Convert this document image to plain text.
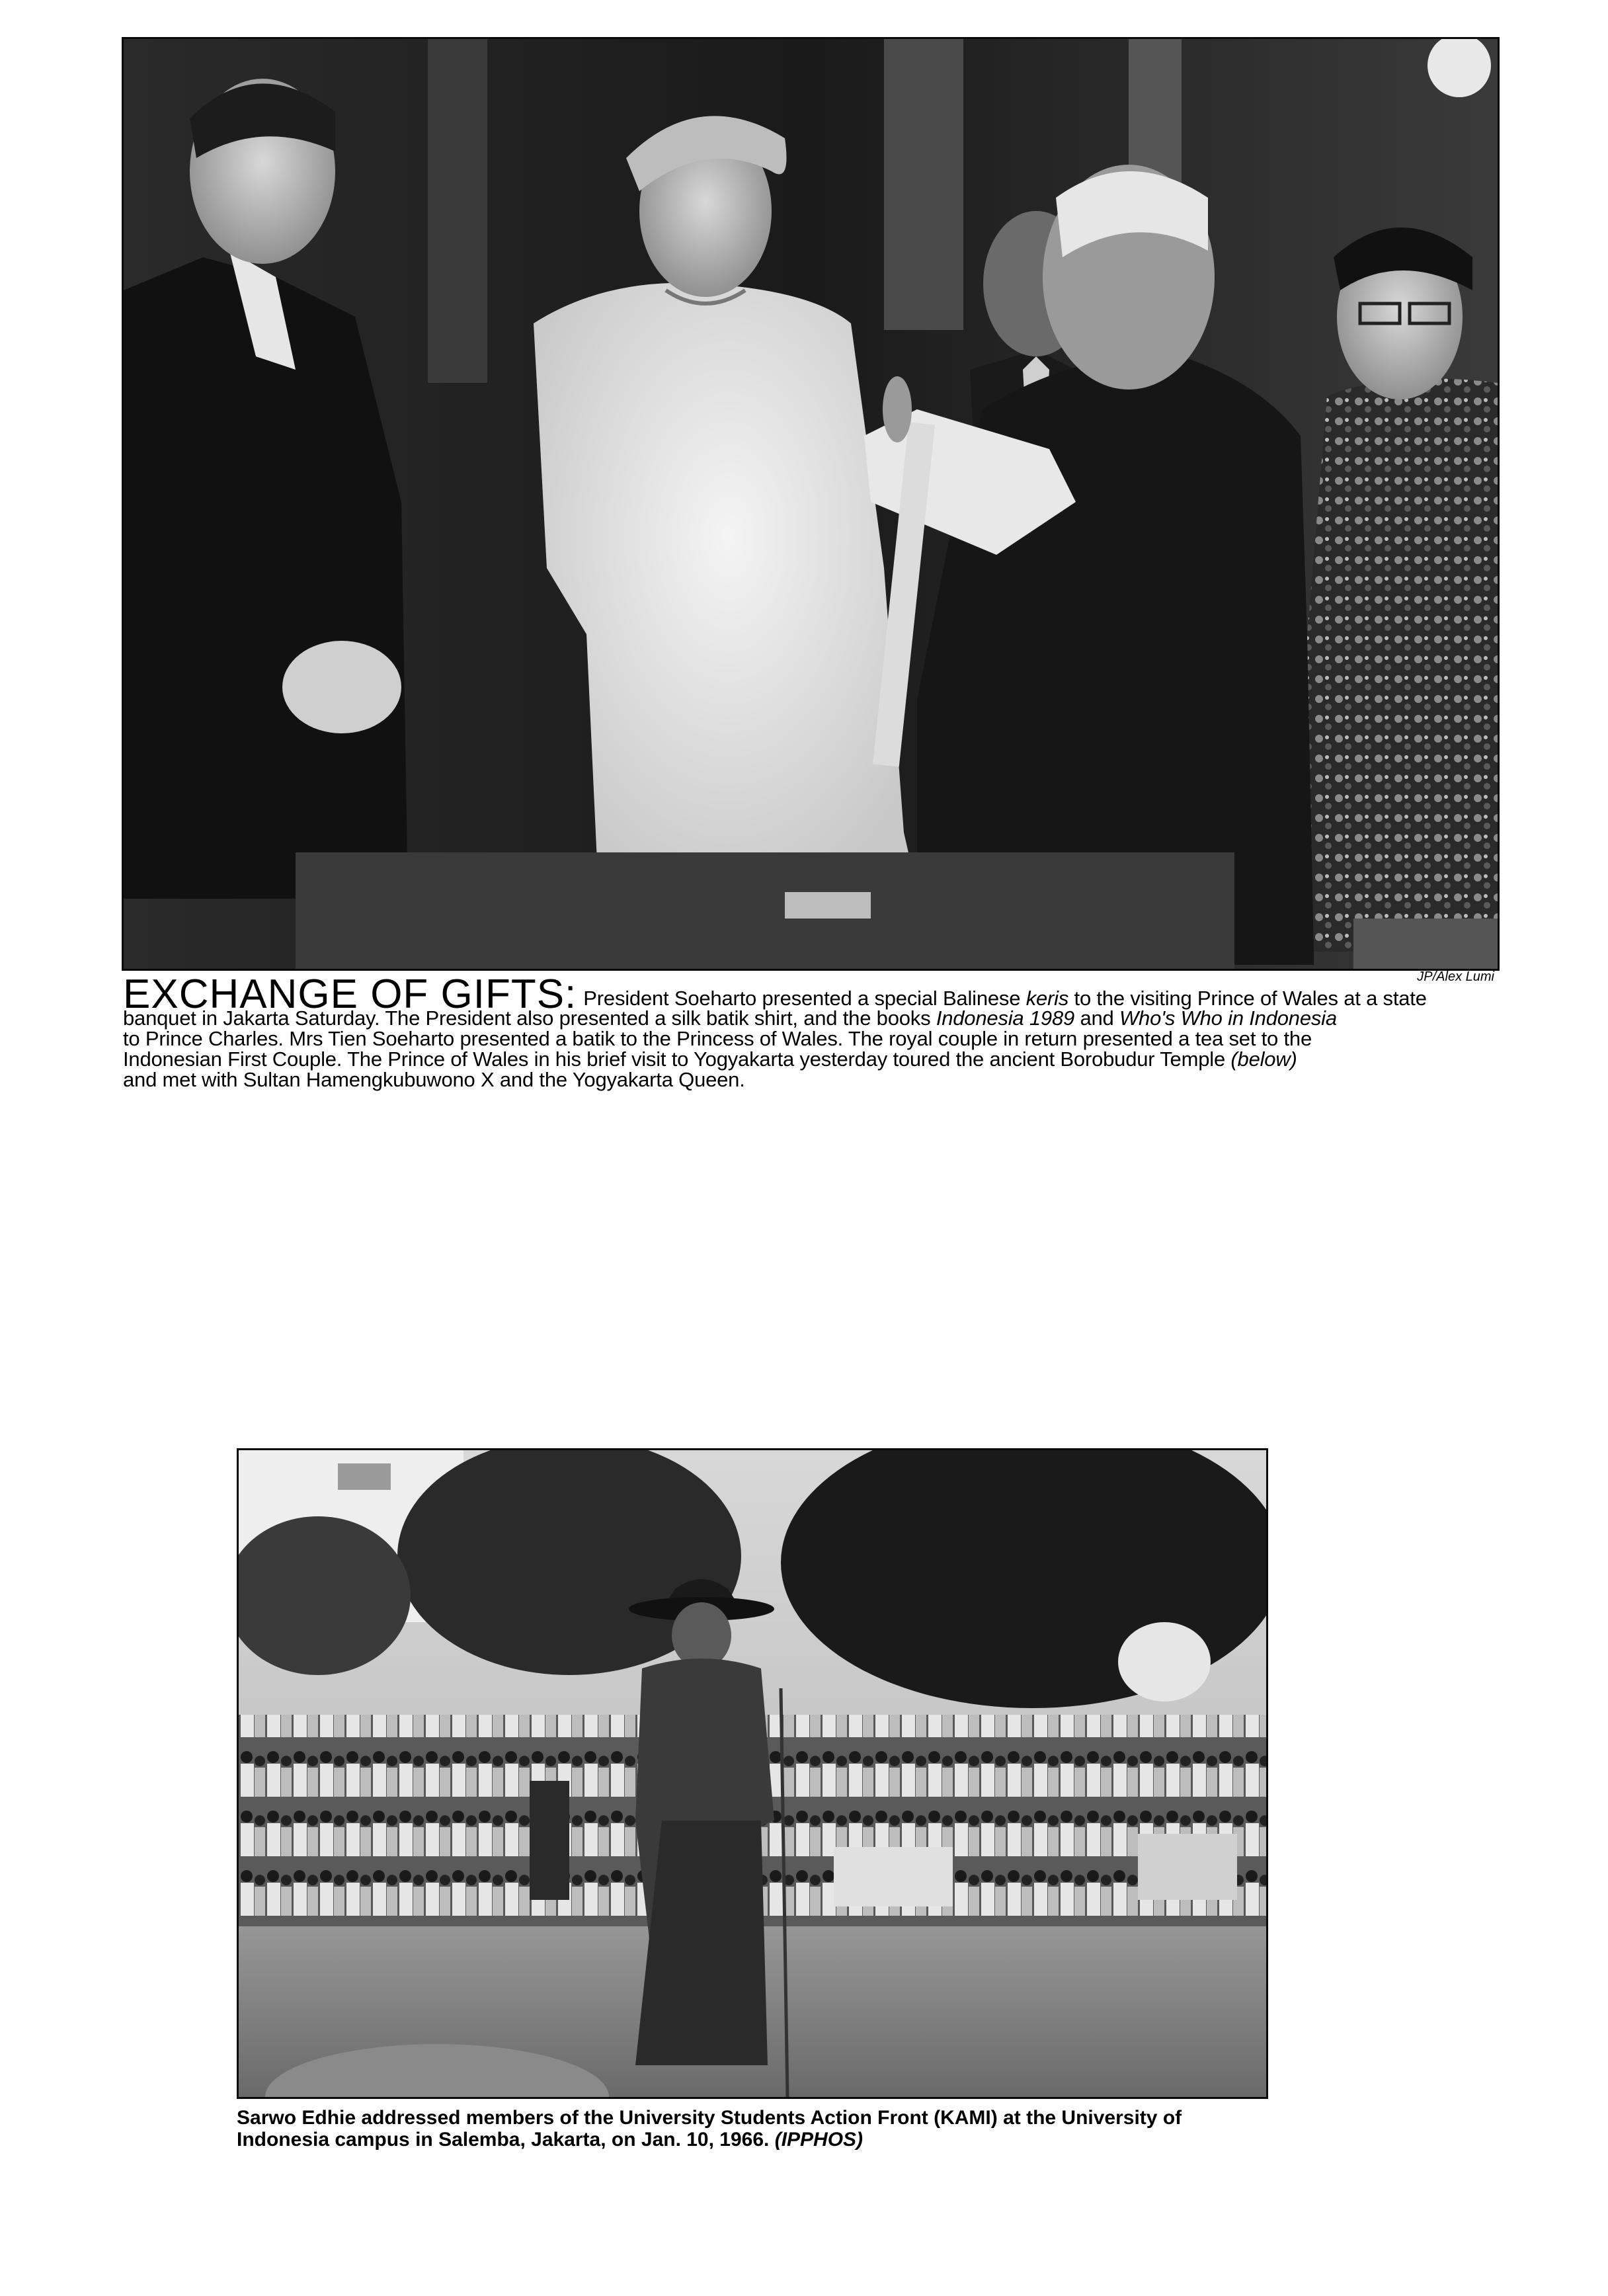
JP/Alex Lumi
EXCHANGE OF GIFTS: President Soeharto presented a special Balinese keris to the visiting Prince of Wales at a state
banquet in Jakarta Saturday. The President also presented a silk batik shirt, and the books Indonesia 1989 and Who's Who in Indonesia
to Prince Charles. Mrs Tien Soeharto presented a batik to the Princess of Wales. The royal couple in return presented a tea set to the
Indonesian First Couple. The Prince of Wales in his brief visit to Yogyakarta yesterday toured the ancient Borobudur Temple (below)
and met with Sultan Hamengkubuwono X and the Yogyakarta Queen.
Sarwo Edhie addressed members of the University Students Action Front (KAMI) at the University of
Indonesia campus in Salemba, Jakarta, on Jan. 10, 1966. (IPPHOS)
